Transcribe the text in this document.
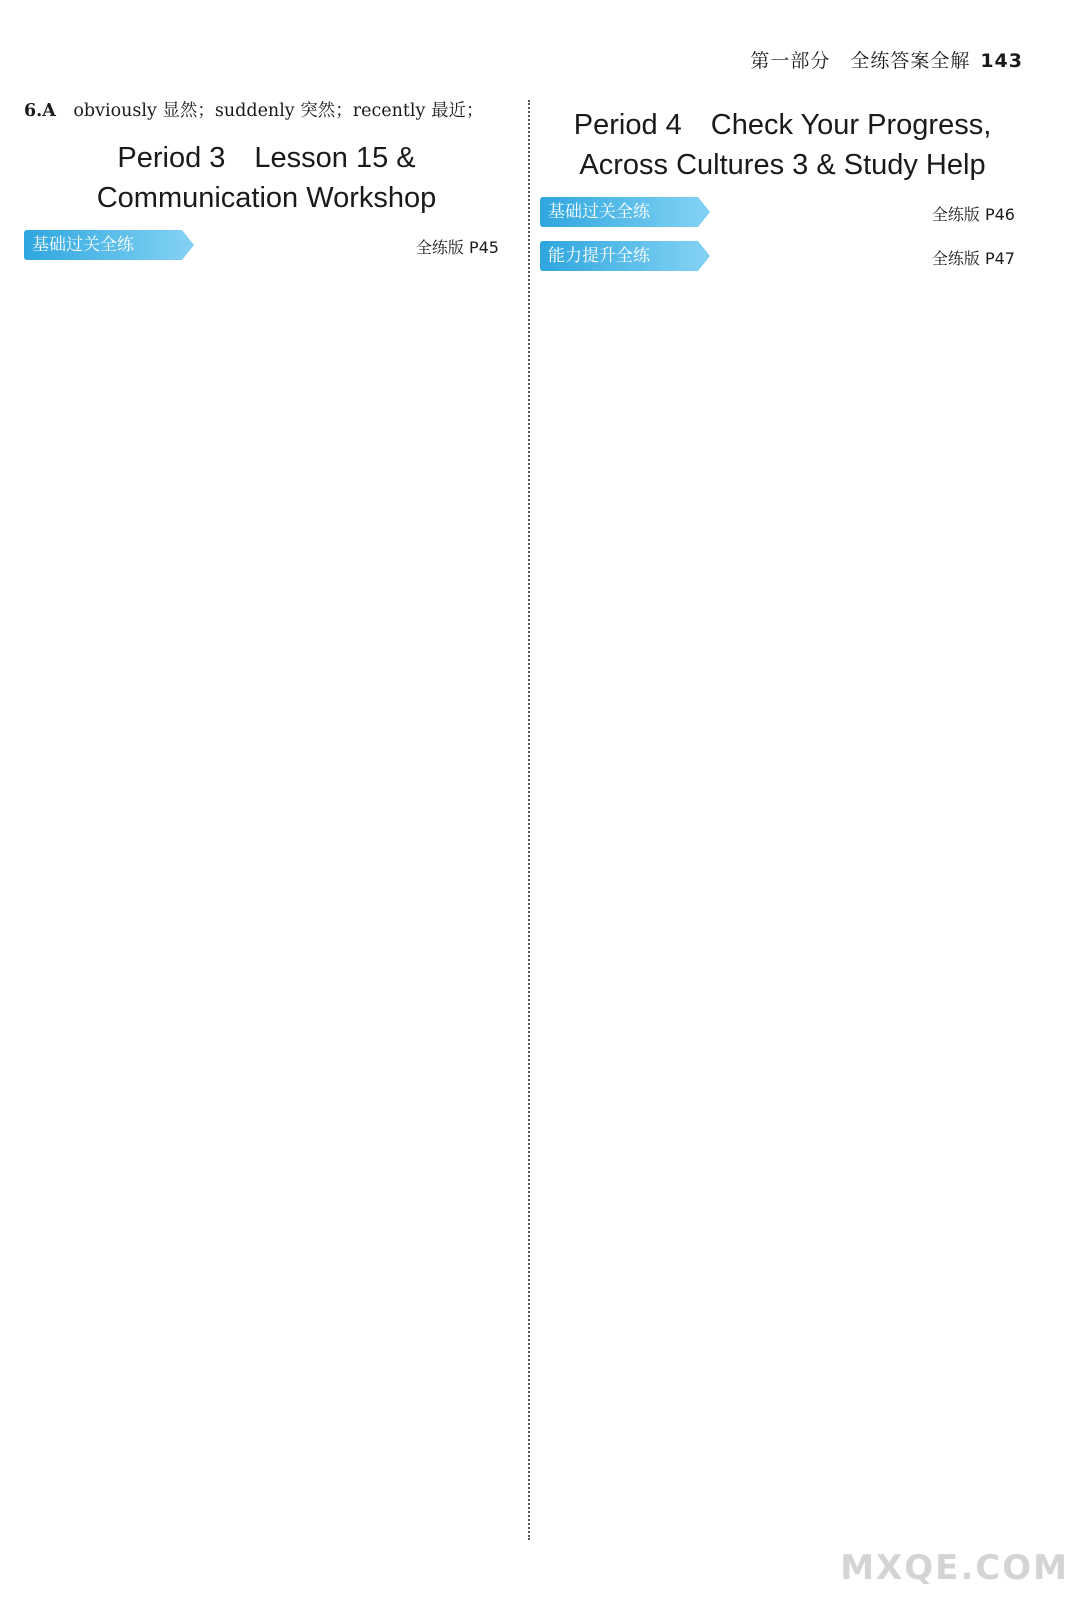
第一部分　全练答案全解 143
6.A  obviously 显然；suddenly 突然；recently 最近；
Period 3　Lesson 15 &
Communication Workshop
基础过关全练	全练版 P45
Period 4　Check Your Progress,
Across Cultures 3 & Study Help
基础过关全练	全练版 P46
能力提升全练	全练版 P47
MXQE.COM
